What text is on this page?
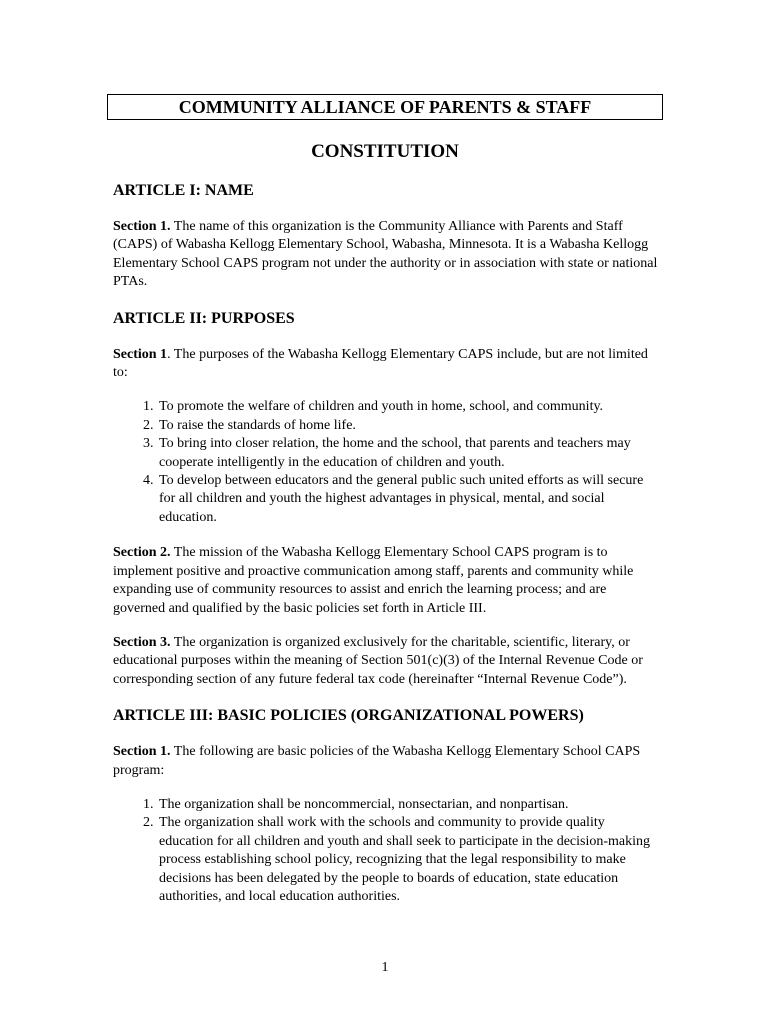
COMMUNITY ALLIANCE OF PARENTS & STAFF
CONSTITUTION
ARTICLE I: NAME

Section 1. The name of this organization is the Community Alliance with Parents and Staff (CAPS) of Wabasha Kellogg Elementary School, Wabasha, Minnesota. It is a Wabasha Kellogg Elementary School CAPS program not under the authority or in association with state or national PTAs.

ARTICLE II: PURPOSES

Section 1. The purposes of the Wabasha Kellogg Elementary CAPS include, but are not limited to:

1. To promote the welfare of children and youth in home, school, and community.
2. To raise the standards of home life.
3. To bring into closer relation, the home and the school, that parents and teachers may cooperate intelligently in the education of children and youth.
4. To develop between educators and the general public such united efforts as will secure for all children and youth the highest advantages in physical, mental, and social education.

Section 2. The mission of the Wabasha Kellogg Elementary School CAPS program is to implement positive and proactive communication among staff, parents and community while expanding use of community resources to assist and enrich the learning process; and are governed and qualified by the basic policies set forth in Article III.

Section 3. The organization is organized exclusively for the charitable, scientific, literary, or educational purposes within the meaning of Section 501(c)(3) of the Internal Revenue Code or corresponding section of any future federal tax code (hereinafter “Internal Revenue Code”).

ARTICLE III: BASIC POLICIES (ORGANIZATIONAL POWERS)

Section 1. The following are basic policies of the Wabasha Kellogg Elementary School CAPS program:

1. The organization shall be noncommercial, nonsectarian, and nonpartisan.
2. The organization shall work with the schools and community to provide quality education for all children and youth and shall seek to participate in the decision-making process establishing school policy, recognizing that the legal responsibility to make decisions has been delegated by the people to boards of education, state education authorities, and local education authorities.
1
